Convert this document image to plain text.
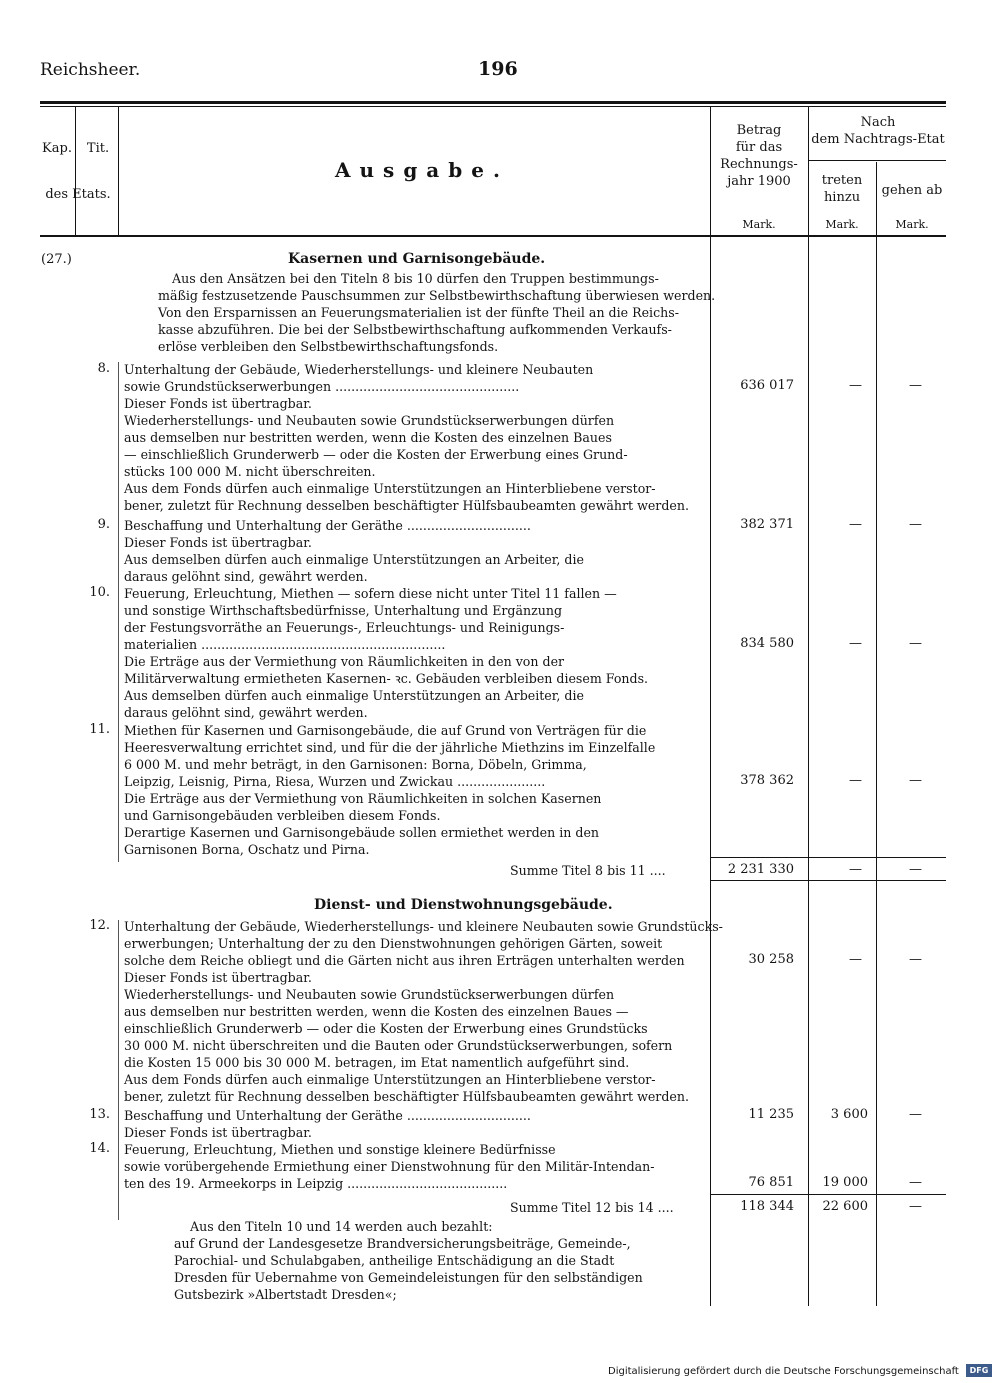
Reichsheer.	196
Kap.	Tit.
des Etats.
Ausgabe.
Betrag
für das
Rechnungs-
jahr 1900
Nach
dem Nachtrags-Etat
treten
hinzu	gehen ab
Mark.	Mark.	Mark.
(27.)	Kasernen und Garnisongebäude.
Aus den Ansätzen bei den Titeln 8 bis 10 dürfen den Truppen bestimmungs-
mäßig festzusetzende Pauschsummen zur Selbstbewirthschaftung überwiesen werden.
Von den Ersparnissen an Feuerungsmaterialien ist der fünfte Theil an die Reichs-
kasse abzuführen. Die bei der Selbstbewirthschaftung aufkommenden Verkaufs-
erlöse verbleiben den Selbstbewirthschaftungsfonds.
8. Unterhaltung der Gebäude, Wiederherstellungs- und kleinere Neubauten
sowie Grundstückserwerbungen ..............................................
Dieser Fonds ist übertragbar.
Wiederherstellungs- und Neubauten sowie Grundstückserwerbungen dürfen
aus demselben nur bestritten werden, wenn die Kosten des einzelnen Baues
— einschließlich Grunderwerb — oder die Kosten der Erwerbung eines Grund-
stücks 100 000 M. nicht überschreiten.
Aus dem Fonds dürfen auch einmalige Unterstützungen an Hinterbliebene verstor-
bener, zuletzt für Rechnung desselben beschäftigter Hülfsbaubeamten gewährt werden.
636 017	—	—
9. Beschaffung und Unterhaltung der Geräthe ...............................
Dieser Fonds ist übertragbar.
Aus demselben dürfen auch einmalige Unterstützungen an Arbeiter, die
daraus gelöhnt sind, gewährt werden.
382 371	—	—
10. Feuerung, Erleuchtung, Miethen — sofern diese nicht unter Titel 11 fallen —
und sonstige Wirthschaftsbedürfnisse, Unterhaltung und Ergänzung
der Festungsvorräthe an Feuerungs-, Erleuchtungs- und Reinigungs-
materialien .............................................................
Die Erträge aus der Vermiethung von Räumlichkeiten in den von der
Militärverwaltung ermietheten Kasernen- ꝛc. Gebäuden verbleiben diesem Fonds.
Aus demselben dürfen auch einmalige Unterstützungen an Arbeiter, die
daraus gelöhnt sind, gewährt werden.
834 580	—	—
11. Miethen für Kasernen und Garnisongebäude, die auf Grund von Verträgen für die
Heeresverwaltung errichtet sind, und für die der jährliche Miethzins im Einzelfalle
6 000 M. und mehr beträgt, in den Garnisonen: Borna, Döbeln, Grimma,
Leipzig, Leisnig, Pirna, Riesa, Wurzen und Zwickau ......................
Die Erträge aus der Vermiethung von Räumlichkeiten in solchen Kasernen
und Garnisongebäuden verbleiben diesem Fonds.
Derartige Kasernen und Garnisongebäude sollen ermiethet werden in den
Garnisonen Borna, Oschatz und Pirna.
378 362	—	—
Summe Titel 8 bis 11 ....	2 231 330	—	—
Dienst- und Dienstwohnungsgebäude.
12. Unterhaltung der Gebäude, Wiederherstellungs- und kleinere Neubauten sowie Grundstücks-
erwerbungen; Unterhaltung der zu den Dienstwohnungen gehörigen Gärten, soweit
solche dem Reiche obliegt und die Gärten nicht aus ihren Erträgen unterhalten werden
Dieser Fonds ist übertragbar.
Wiederherstellungs- und Neubauten sowie Grundstückserwerbungen dürfen
aus demselben nur bestritten werden, wenn die Kosten des einzelnen Baues —
einschließlich Grunderwerb — oder die Kosten der Erwerbung eines Grundstücks
30 000 M. nicht überschreiten und die Bauten oder Grundstückserwerbungen, sofern
die Kosten 15 000 bis 30 000 M. betragen, im Etat namentlich aufgeführt sind.
Aus dem Fonds dürfen auch einmalige Unterstützungen an Hinterbliebene verstor-
bener, zuletzt für Rechnung desselben beschäftigter Hülfsbaubeamten gewährt werden.
30 258	—	—
13. Beschaffung und Unterhaltung der Geräthe ...............................
Dieser Fonds ist übertragbar.
11 235	3 600	—
14. Feuerung, Erleuchtung, Miethen und sonstige kleinere Bedürfnisse
sowie vorübergehende Ermiethung einer Dienstwohnung für den Militär-Intendan-
ten des 19. Armeekorps in Leipzig ........................................	76 851	19 000	—
Summe Titel 12 bis 14 ....	118 344	22 600	—
Aus den Titeln 10 und 14 werden auch bezahlt:
auf Grund der Landesgesetze Brandversicherungsbeiträge, Gemeinde-,
Parochial- und Schulabgaben, antheilige Entschädigung an die Stadt
Dresden für Uebernahme von Gemeindeleistungen für den selbständigen
Gutsbezirk »Albertstadt Dresden«;
Digitalisierung gefördert durch die Deutsche Forschungsgemeinschaft	DFG
